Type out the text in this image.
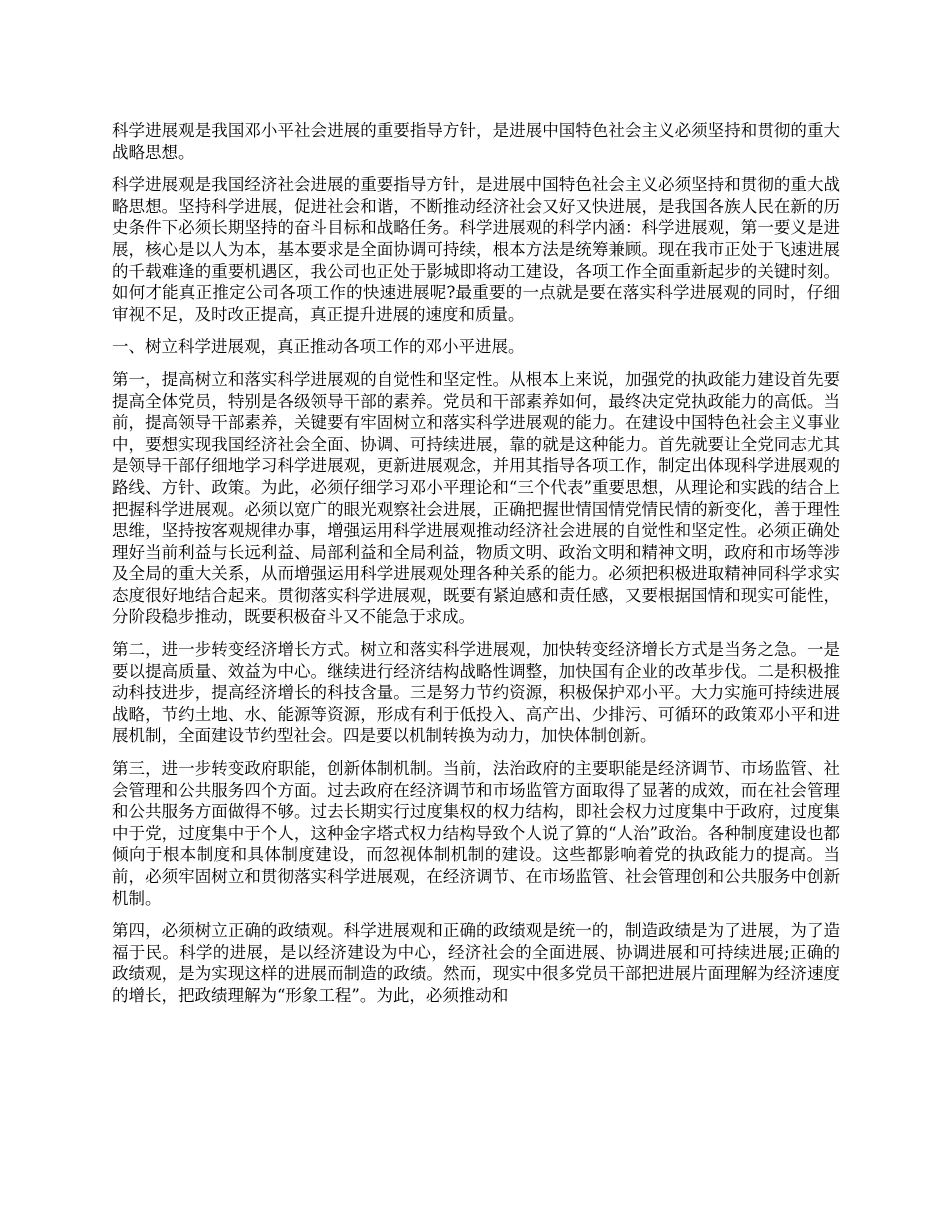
科学进展观是我国邓小平社会进展的重要指导方针，是进展中国特色社会主义必须坚持和贯彻的重大战略思想。

科学进展观是我国经济社会进展的重要指导方针，是进展中国特色社会主义必须坚持和贯彻的重大战略思想。坚持科学进展，促进社会和谐，不断推动经济社会又好又快进展，是我国各族人民在新的历史条件下必须长期坚持的奋斗目标和战略任务。科学进展观的科学内涵：科学进展观，第一要义是进展，核心是以人为本，基本要求是全面协调可持续，根本方法是统筹兼顾。现在我市正处于飞速进展的千载难逢的重要机遇区，我公司也正处于影城即将动工建设，各项工作全面重新起步的关键时刻。如何才能真正推定公司各项工作的快速进展呢?最重要的一点就是要在落实科学进展观的同时，仔细审视不足，及时改正提高，真正提升进展的速度和质量。

一、树立科学进展观，真正推动各项工作的邓小平进展。

第一，提高树立和落实科学进展观的自觉性和坚定性。从根本上来说，加强党的执政能力建设首先要提高全体党员，特别是各级领导干部的素养。党员和干部素养如何，最终决定党执政能力的高低。当前，提高领导干部素养，关键要有牢固树立和落实科学进展观的能力。在建设中国特色社会主义事业中，要想实现我国经济社会全面、协调、可持续进展，靠的就是这种能力。首先就要让全党同志尤其是领导干部仔细地学习科学进展观，更新进展观念，并用其指导各项工作，制定出体现科学进展观的路线、方针、政策。为此，必须仔细学习邓小平理论和“三个代表”重要思想，从理论和实践的结合上把握科学进展观。必须以宽广的眼光观察社会进展，正确把握世情国情党情民情的新变化，善于理性思维，坚持按客观规律办事，增强运用科学进展观推动经济社会进展的自觉性和坚定性。必须正确处理好当前利益与长远利益、局部利益和全局利益，物质文明、政治文明和精神文明，政府和市场等涉及全局的重大关系，从而增强运用科学进展观处理各种关系的能力。必须把积极进取精神同科学求实态度很好地结合起来。贯彻落实科学进展观，既要有紧迫感和责任感，又要根据国情和现实可能性，分阶段稳步推动，既要积极奋斗又不能急于求成。

第二，进一步转变经济增长方式。树立和落实科学进展观，加快转变经济增长方式是当务之急。一是要以提高质量、效益为中心。继续进行经济结构战略性调整，加快国有企业的改革步伐。二是积极推动科技进步，提高经济增长的科技含量。三是努力节约资源，积极保护邓小平。大力实施可持续进展战略，节约土地、水、能源等资源，形成有利于低投入、高产出、少排污、可循环的政策邓小平和进展机制，全面建设节约型社会。四是要以机制转换为动力，加快体制创新。

第三，进一步转变政府职能，创新体制机制。当前，法治政府的主要职能是经济调节、市场监管、社会管理和公共服务四个方面。过去政府在经济调节和市场监管方面取得了显著的成效，而在社会管理和公共服务方面做得不够。过去长期实行过度集权的权力结构，即社会权力过度集中于政府，过度集中于党，过度集中于个人，这种金字塔式权力结构导致个人说了算的“人治”政治。各种制度建设也都倾向于根本制度和具体制度建设，而忽视体制机制的建设。这些都影响着党的执政能力的提高。当前，必须牢固树立和贯彻落实科学进展观，在经济调节、在市场监管、社会管理创和公共服务中创新机制。

第四，必须树立正确的政绩观。科学进展观和正确的政绩观是统一的，制造政绩是为了进展，为了造福于民。科学的进展，是以经济建设为中心，经济社会的全面进展、协调进展和可持续进展;正确的政绩观，是为实现这样的进展而制造的政绩。然而，现实中很多党员干部把进展片面理解为经济速度的增长，把政绩理解为“形象工程”。为此，必须推动和
